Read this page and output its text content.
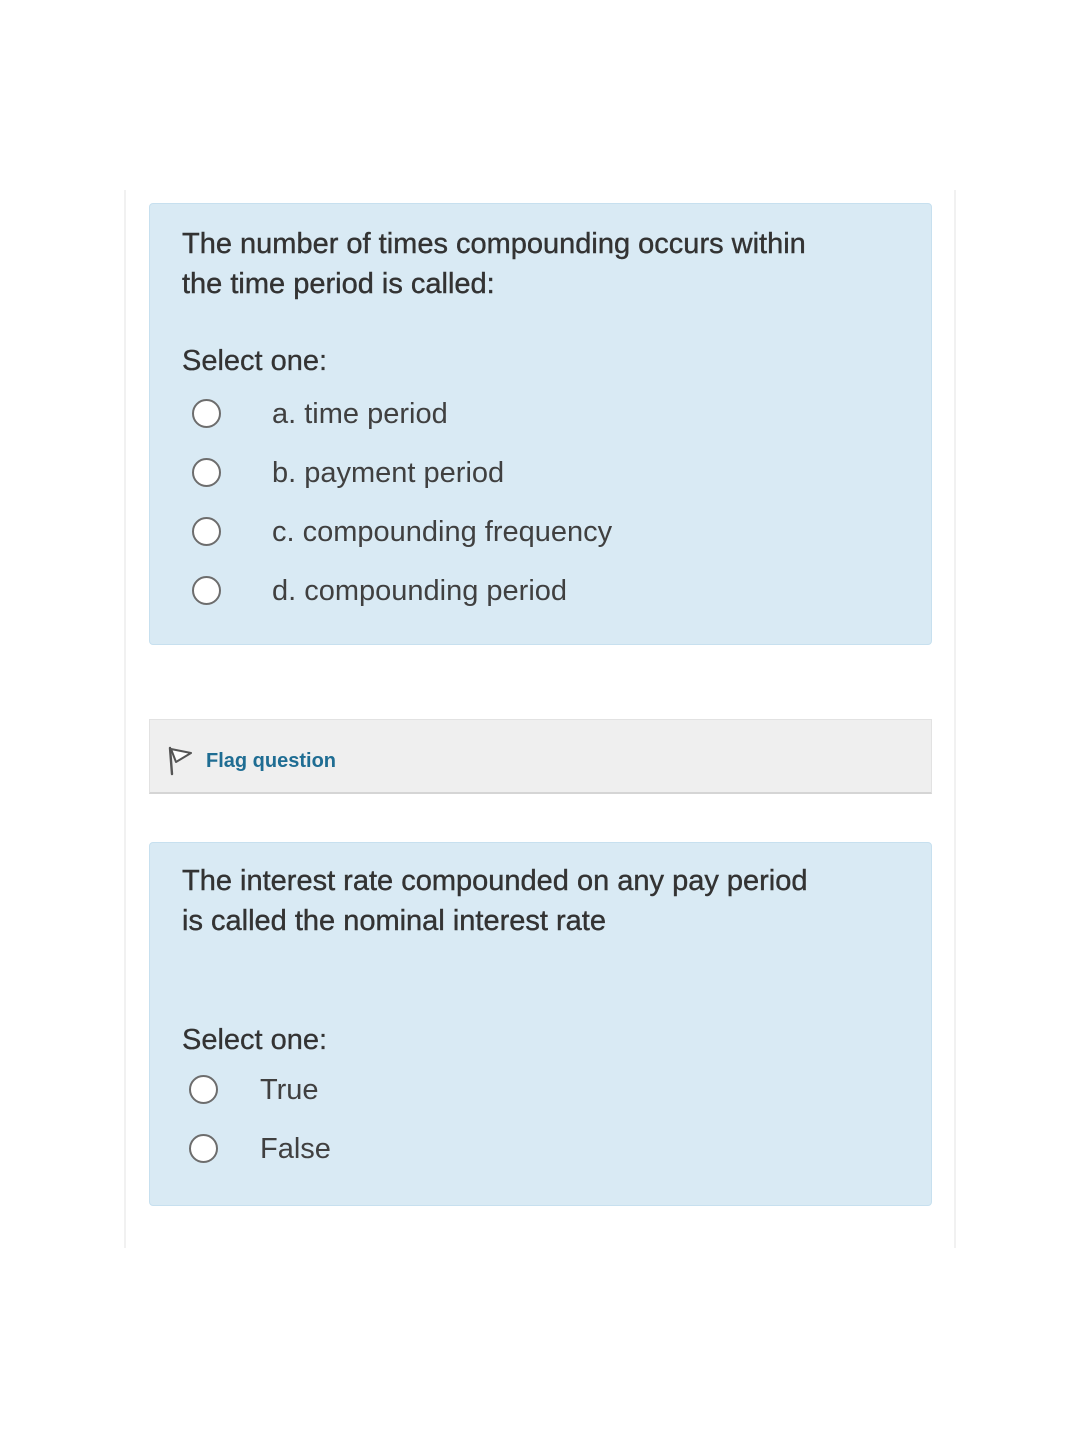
The number of times compounding occurs within
the time period is called:
Select one:
a. time period
b. payment period
c. compounding frequency
d. compounding period
Flag question
The interest rate compounded on any pay period
is called the nominal interest rate
Select one:
True
False
